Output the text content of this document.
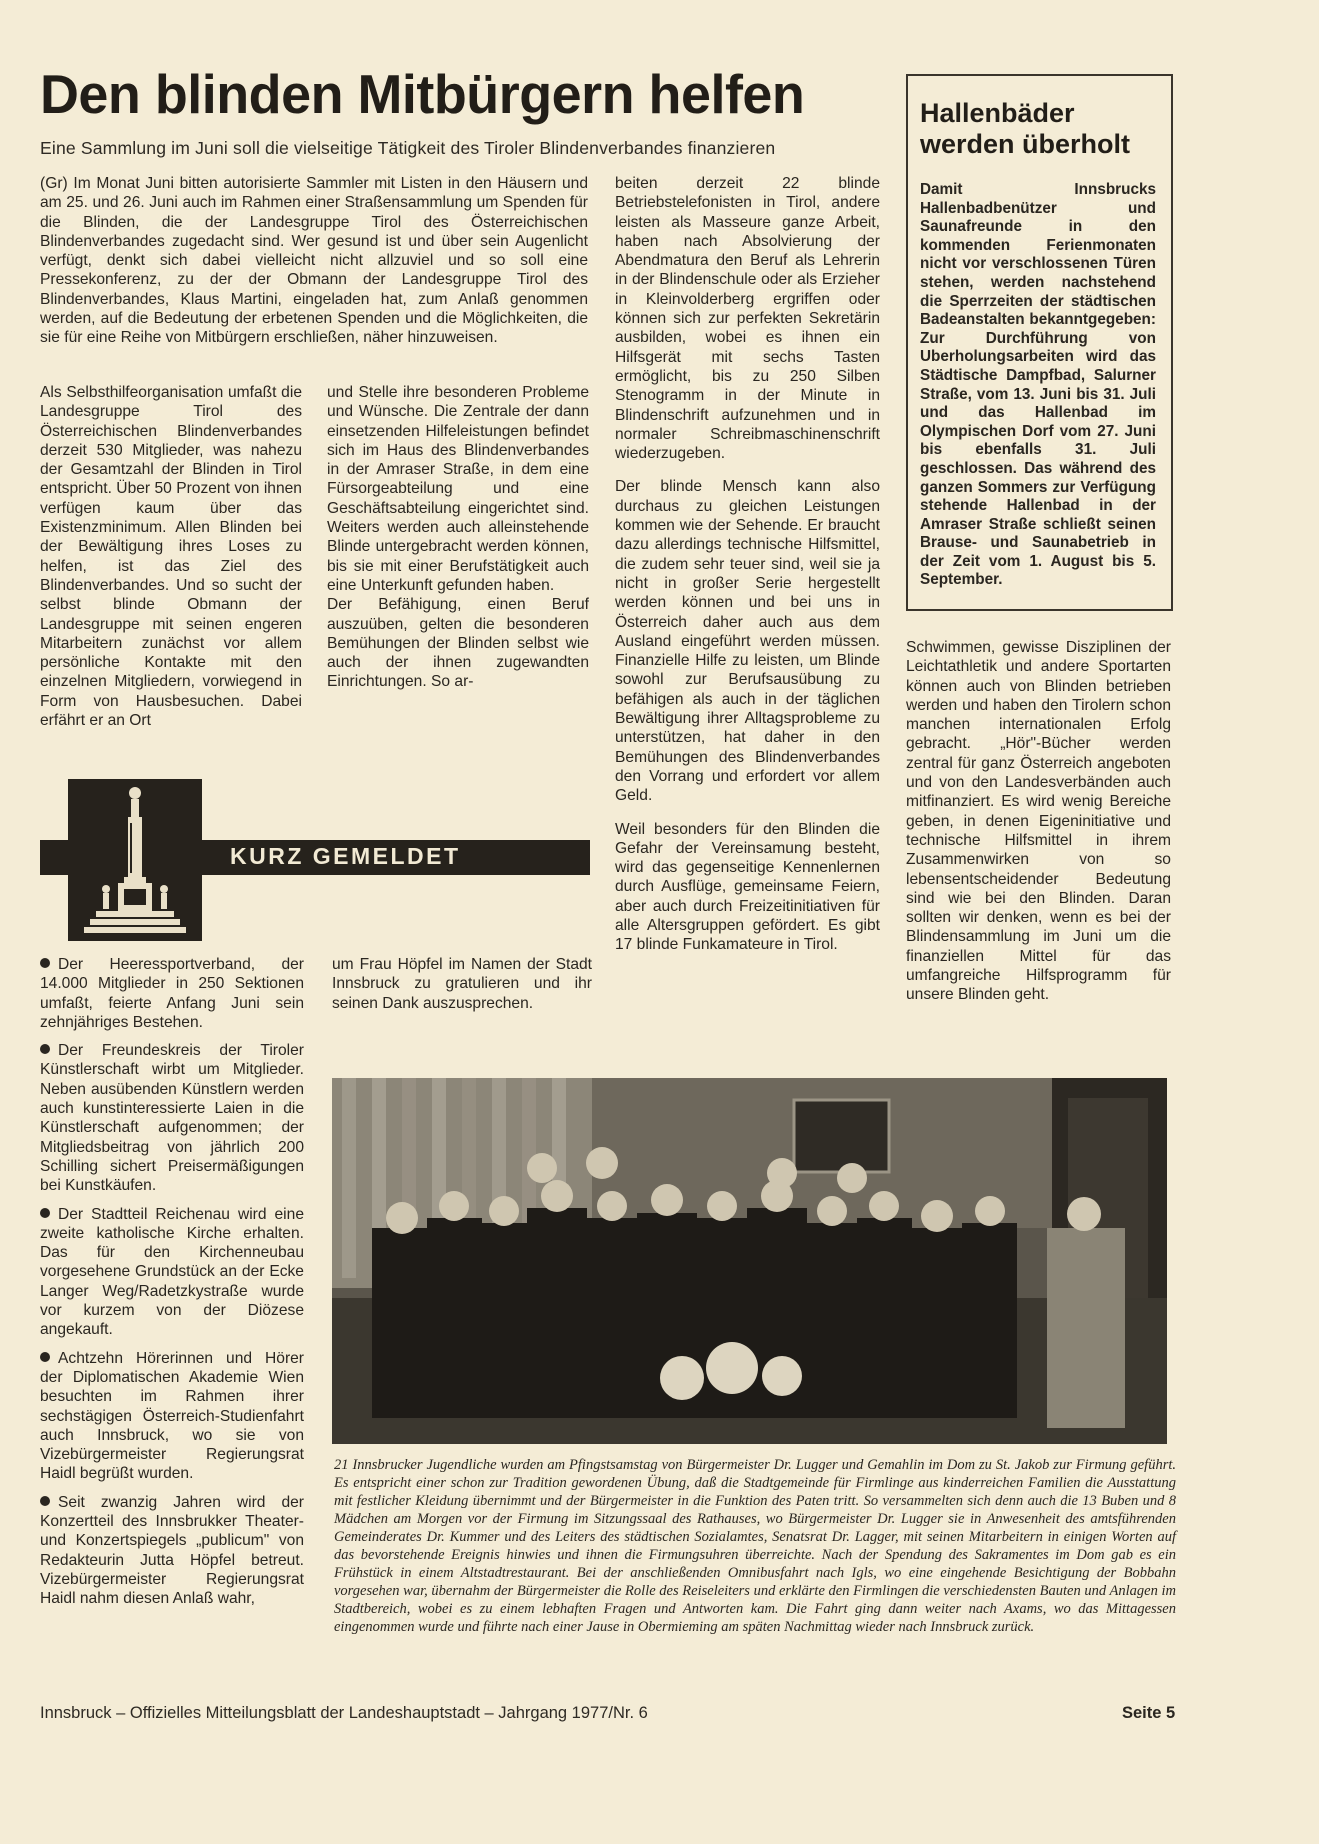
Den blinden Mitbürgern helfen
Eine Sammlung im Juni soll die vielseitige Tätigkeit des Tiroler Blindenverbandes finanzieren
(Gr) Im Monat Juni bitten autorisierte Sammler mit Listen in den Häusern und am 25. und 26. Juni auch im Rahmen einer Straßensammlung um Spenden für die Blinden, die der Landesgruppe Tirol des Österreichischen Blindenverbandes zugedacht sind. Wer gesund ist und über sein Augenlicht verfügt, denkt sich dabei vielleicht nicht allzuviel und so soll eine Pressekonferenz, zu der der Obmann der Landesgruppe Tirol des Blindenverbandes, Klaus Martini, eingeladen hat, zum Anlaß genommen werden, auf die Bedeutung der erbetenen Spenden und die Möglichkeiten, die sie für eine Reihe von Mitbürgern erschließen, näher hinzuweisen.
Als Selbsthilfeorganisation umfaßt die Landesgruppe Tirol des Österreichischen Blindenverbandes derzeit 530 Mitglieder, was nahezu der Gesamtzahl der Blinden in Tirol entspricht. Über 50 Prozent von ihnen verfügen kaum über das Existenzminimum. Allen Blinden bei der Bewältigung ihres Loses zu helfen, ist das Ziel des Blindenverbandes. Und so sucht der selbst blinde Obmann der Landesgruppe mit seinen engeren Mitarbeitern zunächst vor allem persönliche Kontakte mit den einzelnen Mitgliedern, vorwiegend in Form von Hausbesuchen. Dabei erfährt er an Ort

und Stelle ihre besonderen Probleme und Wünsche. Die Zentrale der dann einsetzenden Hilfeleistungen befindet sich im Haus des Blindenverbandes in der Amraser Straße, in dem eine Fürsorgeabteilung und eine Geschäftsabteilung eingerichtet sind. Weiters werden auch alleinstehende Blinde untergebracht werden können, bis sie mit einer Berufstätigkeit auch eine Unterkunft gefunden haben.

Der Befähigung, einen Beruf auszuüben, gelten die besonderen Bemühungen der Blinden selbst wie auch der ihnen zugewandten Einrichtungen. So ar-

beiten derzeit 22 blinde Betriebstelefonisten in Tirol, andere leisten als Masseure ganze Arbeit, haben nach Absolvierung der Abendmatura den Beruf als Lehrerin in der Blindenschule oder als Erzieher in Kleinvolderberg ergriffen oder können sich zur perfekten Sekretärin ausbilden, wobei es ihnen ein Hilfsgerät mit sechs Tasten ermöglicht, bis zu 250 Silben Stenogramm in der Minute in Blindenschrift aufzunehmen und in normaler Schreibmaschinenschrift wiederzugeben.

Der blinde Mensch kann also durchaus zu gleichen Leistungen kommen wie der Sehende. Er braucht dazu allerdings technische Hilfsmittel, die zudem sehr teuer sind, weil sie ja nicht in großer Serie hergestellt werden können und bei uns in Österreich daher auch aus dem Ausland eingeführt werden müssen. Finanzielle Hilfe zu leisten, um Blinde sowohl zur Berufsausübung zu befähigen als auch in der täglichen Bewältigung ihrer Alltagsprobleme zu unterstützen, hat daher in den Bemühungen des Blindenverbandes den Vorrang und erfordert vor allem Geld.

Weil besonders für den Blinden die Gefahr der Vereinsamung besteht, wird das gegenseitige Kennenlernen durch Ausflüge, gemeinsame Feiern, aber auch durch Freizeitinitiativen für alle Altersgruppen gefördert. Es gibt 17 blinde Funkamateure in Tirol.

Hallenbäder werden überholt
Damit Innsbrucks Hallenbadbenützer und Saunafreunde in den kommenden Ferienmonaten nicht vor verschlossenen Türen stehen, werden nachstehend die Sperrzeiten der städtischen Badeanstalten bekanntgegeben: Zur Durchführung von Uberholungsarbeiten wird das Städtische Dampfbad, Salurner Straße, vom 13. Juni bis 31. Juli und das Hallenbad im Olympischen Dorf vom 27. Juni bis ebenfalls 31. Juli geschlossen. Das während des ganzen Sommers zur Verfügung stehende Hallenbad in der Amraser Straße schließt seinen Brause- und Saunabetrieb in der Zeit vom 1. August bis 5. September.
Schwimmen, gewisse Disziplinen der Leichtathletik und andere Sportarten können auch von Blinden betrieben werden und haben den Tirolern schon manchen internationalen Erfolg gebracht. „Hör"-Bücher werden zentral für ganz Österreich angeboten und von den Landesverbänden auch mitfinanziert. Es wird wenig Bereiche geben, in denen Eigeninitiative und technische Hilfsmittel in ihrem Zusammenwirken von so lebensentscheidender Bedeutung sind wie bei den Blinden. Daran sollten wir denken, wenn es bei der Blindensammlung im Juni um die finanziellen Mittel für das umfangreiche Hilfsprogramm für unsere Blinden geht.
KURZ GEMELDET

Der Heeressportverband, der 14.000 Mitglieder in 250 Sektionen umfaßt, feierte Anfang Juni sein zehnjähriges Bestehen.

Der Freundeskreis der Tiroler Künstlerschaft wirbt um Mitglieder. Neben ausübenden Künstlern werden auch kunstinteressierte Laien in die Künstlerschaft aufgenommen; der Mitgliedsbeitrag von jährlich 200 Schilling sichert Preisermäßigungen bei Kunstkäufen.

Der Stadtteil Reichenau wird eine zweite katholische Kirche erhalten. Das für den Kirchenneubau vorgesehene Grundstück an der Ecke Langer Weg/Radetzkystraße wurde vor kurzem von der Diözese angekauft.

Achtzehn Hörerinnen und Hörer der Diplomatischen Akademie Wien besuchten im Rahmen ihrer sechstägigen Österreich-Studienfahrt auch Innsbruck, wo sie von Vizebürgermeister Regierungsrat Haidl begrüßt wurden.

Seit zwanzig Jahren wird der Konzertteil des Innsbrukker Theater- und Konzertspiegels „publicum" von Redakteurin Jutta Höpfel betreut. Vizebürgermeister Regierungsrat Haidl nahm diesen Anlaß wahr,

um Frau Höpfel im Namen der Stadt Innsbruck zu gratulieren und ihr seinen Dank auszusprechen.
21 Innsbrucker Jugendliche wurden am Pfingstsamstag von Bürgermeister Dr. Lugger und Gemahlin im Dom zu St. Jakob zur Firmung geführt. Es entspricht einer schon zur Tradition gewordenen Übung, daß die Stadtgemeinde für Firmlinge aus kinderreichen Familien die Ausstattung mit festlicher Kleidung übernimmt und der Bürgermeister in die Funktion des Paten tritt. So versammelten sich denn auch die 13 Buben und 8 Mädchen am Morgen vor der Firmung im Sitzungssaal des Rathauses, wo Bürgermeister Dr. Lugger sie in Anwesenheit des amtsführenden Gemeinderates Dr. Kummer und des Leiters des städtischen Sozialamtes, Senatsrat Dr. Lagger, mit seinen Mitarbeitern in einigen Worten auf das bevorstehende Ereignis hinwies und ihnen die Firmungsuhren überreichte. Nach der Spendung des Sakramentes im Dom gab es ein Frühstück in einem Altstadtrestaurant. Bei der anschließenden Omnibusfahrt nach Igls, wo eine eingehende Besichtigung der Bobbahn vorgesehen war, übernahm der Bürgermeister die Rolle des Reiseleiters und erklärte den Firmlingen die verschiedensten Bauten und Anlagen im Stadtbereich, wobei es zu einem lebhaften Fragen und Antworten kam. Die Fahrt ging dann weiter nach Axams, wo das Mittagessen eingenommen wurde und führte nach einer Jause in Obermieming am späten Nachmittag wieder nach Innsbruck zurück.
Innsbruck – Offizielles Mitteilungsblatt der Landeshauptstadt – Jahrgang 1977/Nr. 6	Seite 5
